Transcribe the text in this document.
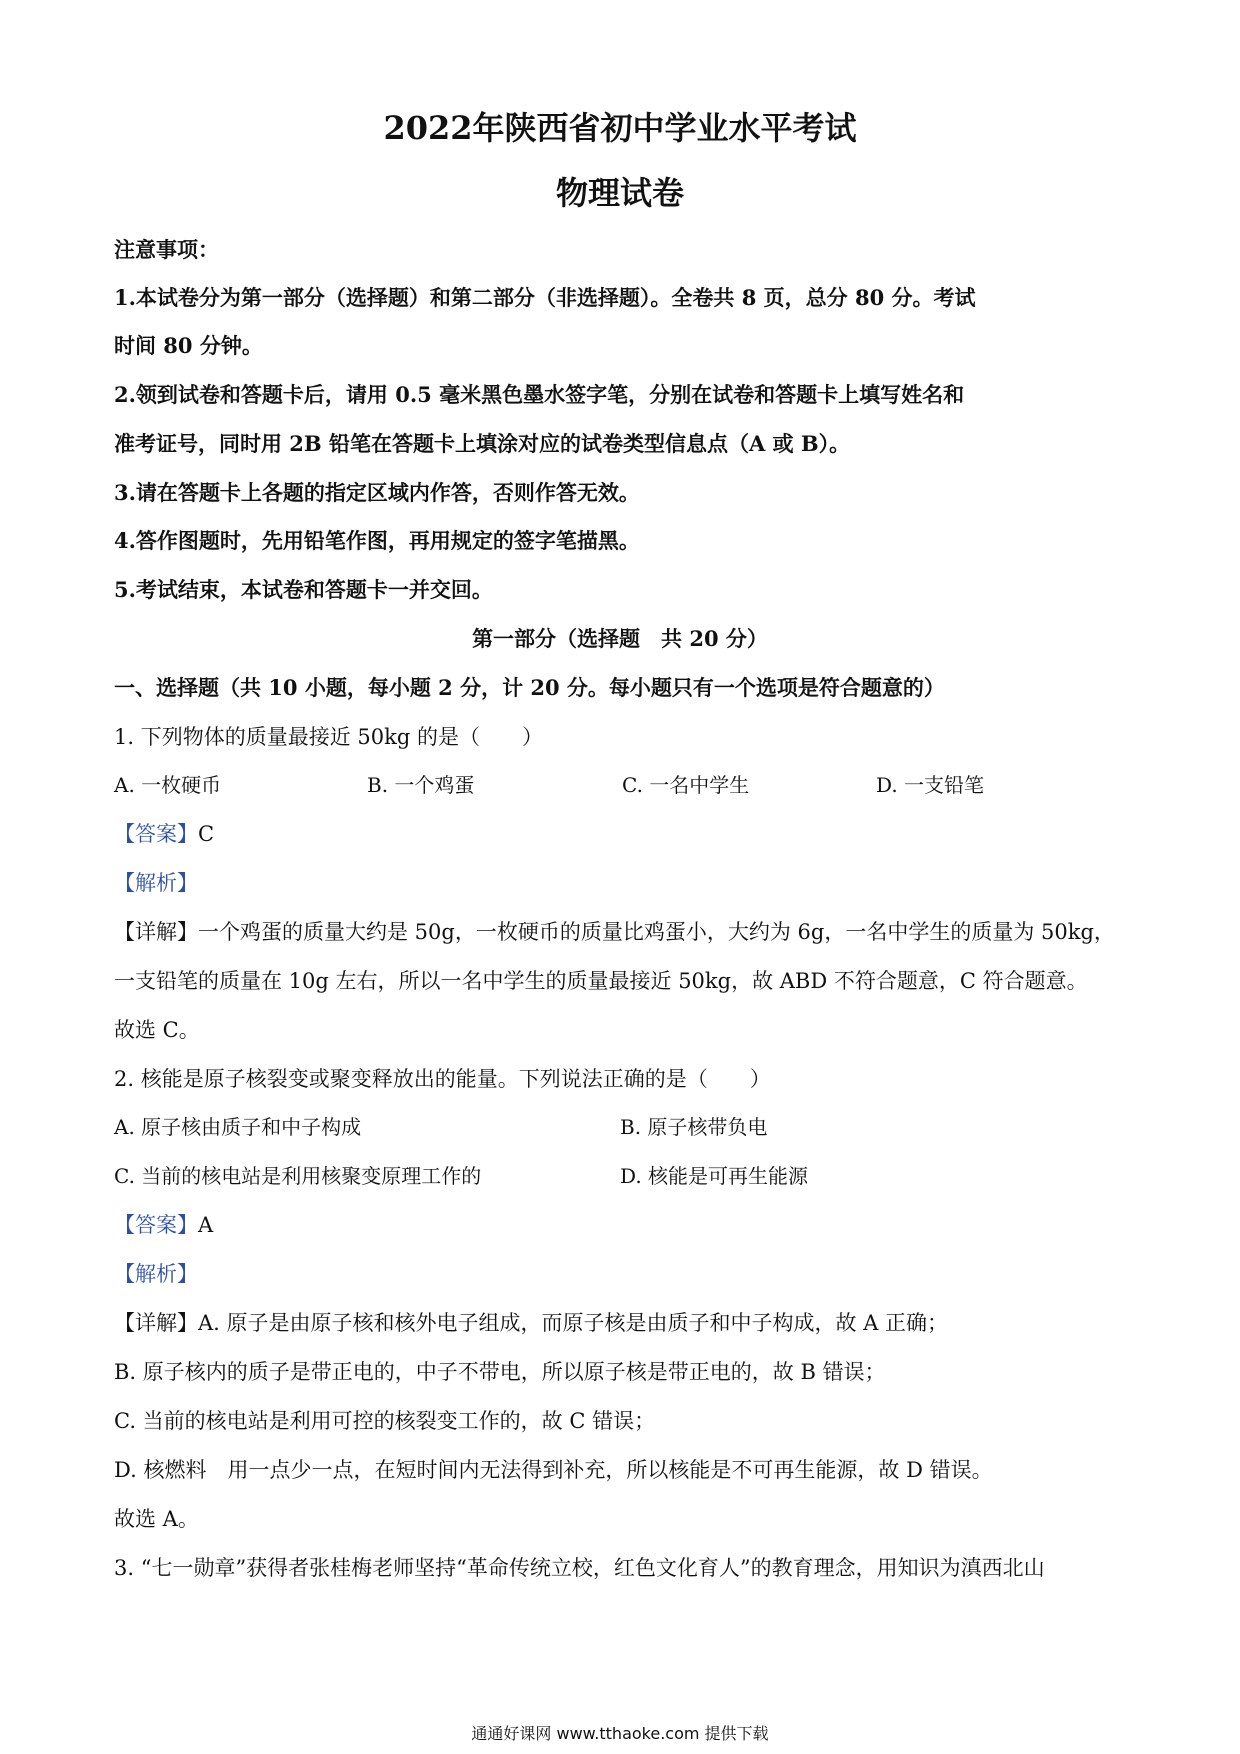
2022年陕西省初中学业水平考试
物理试卷
注意事项：
1.本试卷分为第一部分（选择题）和第二部分（非选择题）。全卷共 8 页，总分 80 分。考试
时间 80 分钟。
2.领到试卷和答题卡后，请用 0.5 毫米黑色墨水签字笔，分别在试卷和答题卡上填写姓名和
准考证号，同时用 2B 铅笔在答题卡上填涂对应的试卷类型信息点（A 或 B）。
3.请在答题卡上各题的指定区域内作答，否则作答无效。
4.答作图题时，先用铅笔作图，再用规定的签字笔描黑。
5.考试结束，本试卷和答题卡一并交回。
第一部分（选择题　共 20 分）
一、选择题（共 10 小题，每小题 2 分，计 20 分。每小题只有一个选项是符合题意的）
1. 下列物体的质量最接近 50kg 的是（　　）
A. 一枚硬币	B. 一个鸡蛋	C. 一名中学生	D. 一支铅笔
【答案】C
【解析】
【详解】一个鸡蛋的质量大约是 50g，一枚硬币的质量比鸡蛋小，大约为 6g，一名中学生的质量为 50kg，
一支铅笔的质量在 10g 左右，所以一名中学生的质量最接近 50kg，故 ABD 不符合题意，C 符合题意。
故选 C。
2. 核能是原子核裂变或聚变释放出的能量。下列说法正确的是（　　）
A. 原子核由质子和中子构成	B. 原子核带负电
C. 当前的核电站是利用核聚变原理工作的	D. 核能是可再生能源
【答案】A
【解析】
【详解】A. 原子是由原子核和核外电子组成，而原子核是由质子和中子构成，故 A 正确；
B. 原子核内的质子是带正电的，中子不带电，所以原子核是带正电的，故 B 错误；
C. 当前的核电站是利用可控的核裂变工作的，故 C 错误；
D. 核燃料　用一点少一点，在短时间内无法得到补充，所以核能是不可再生能源，故 D 错误。
故选 A。
3. “七一勋章”获得者张桂梅老师坚持“革命传统立校，红色文化育人”的教育理念，用知识为滇西北山
通通好课网 www.tthaoke.com 提供下载
